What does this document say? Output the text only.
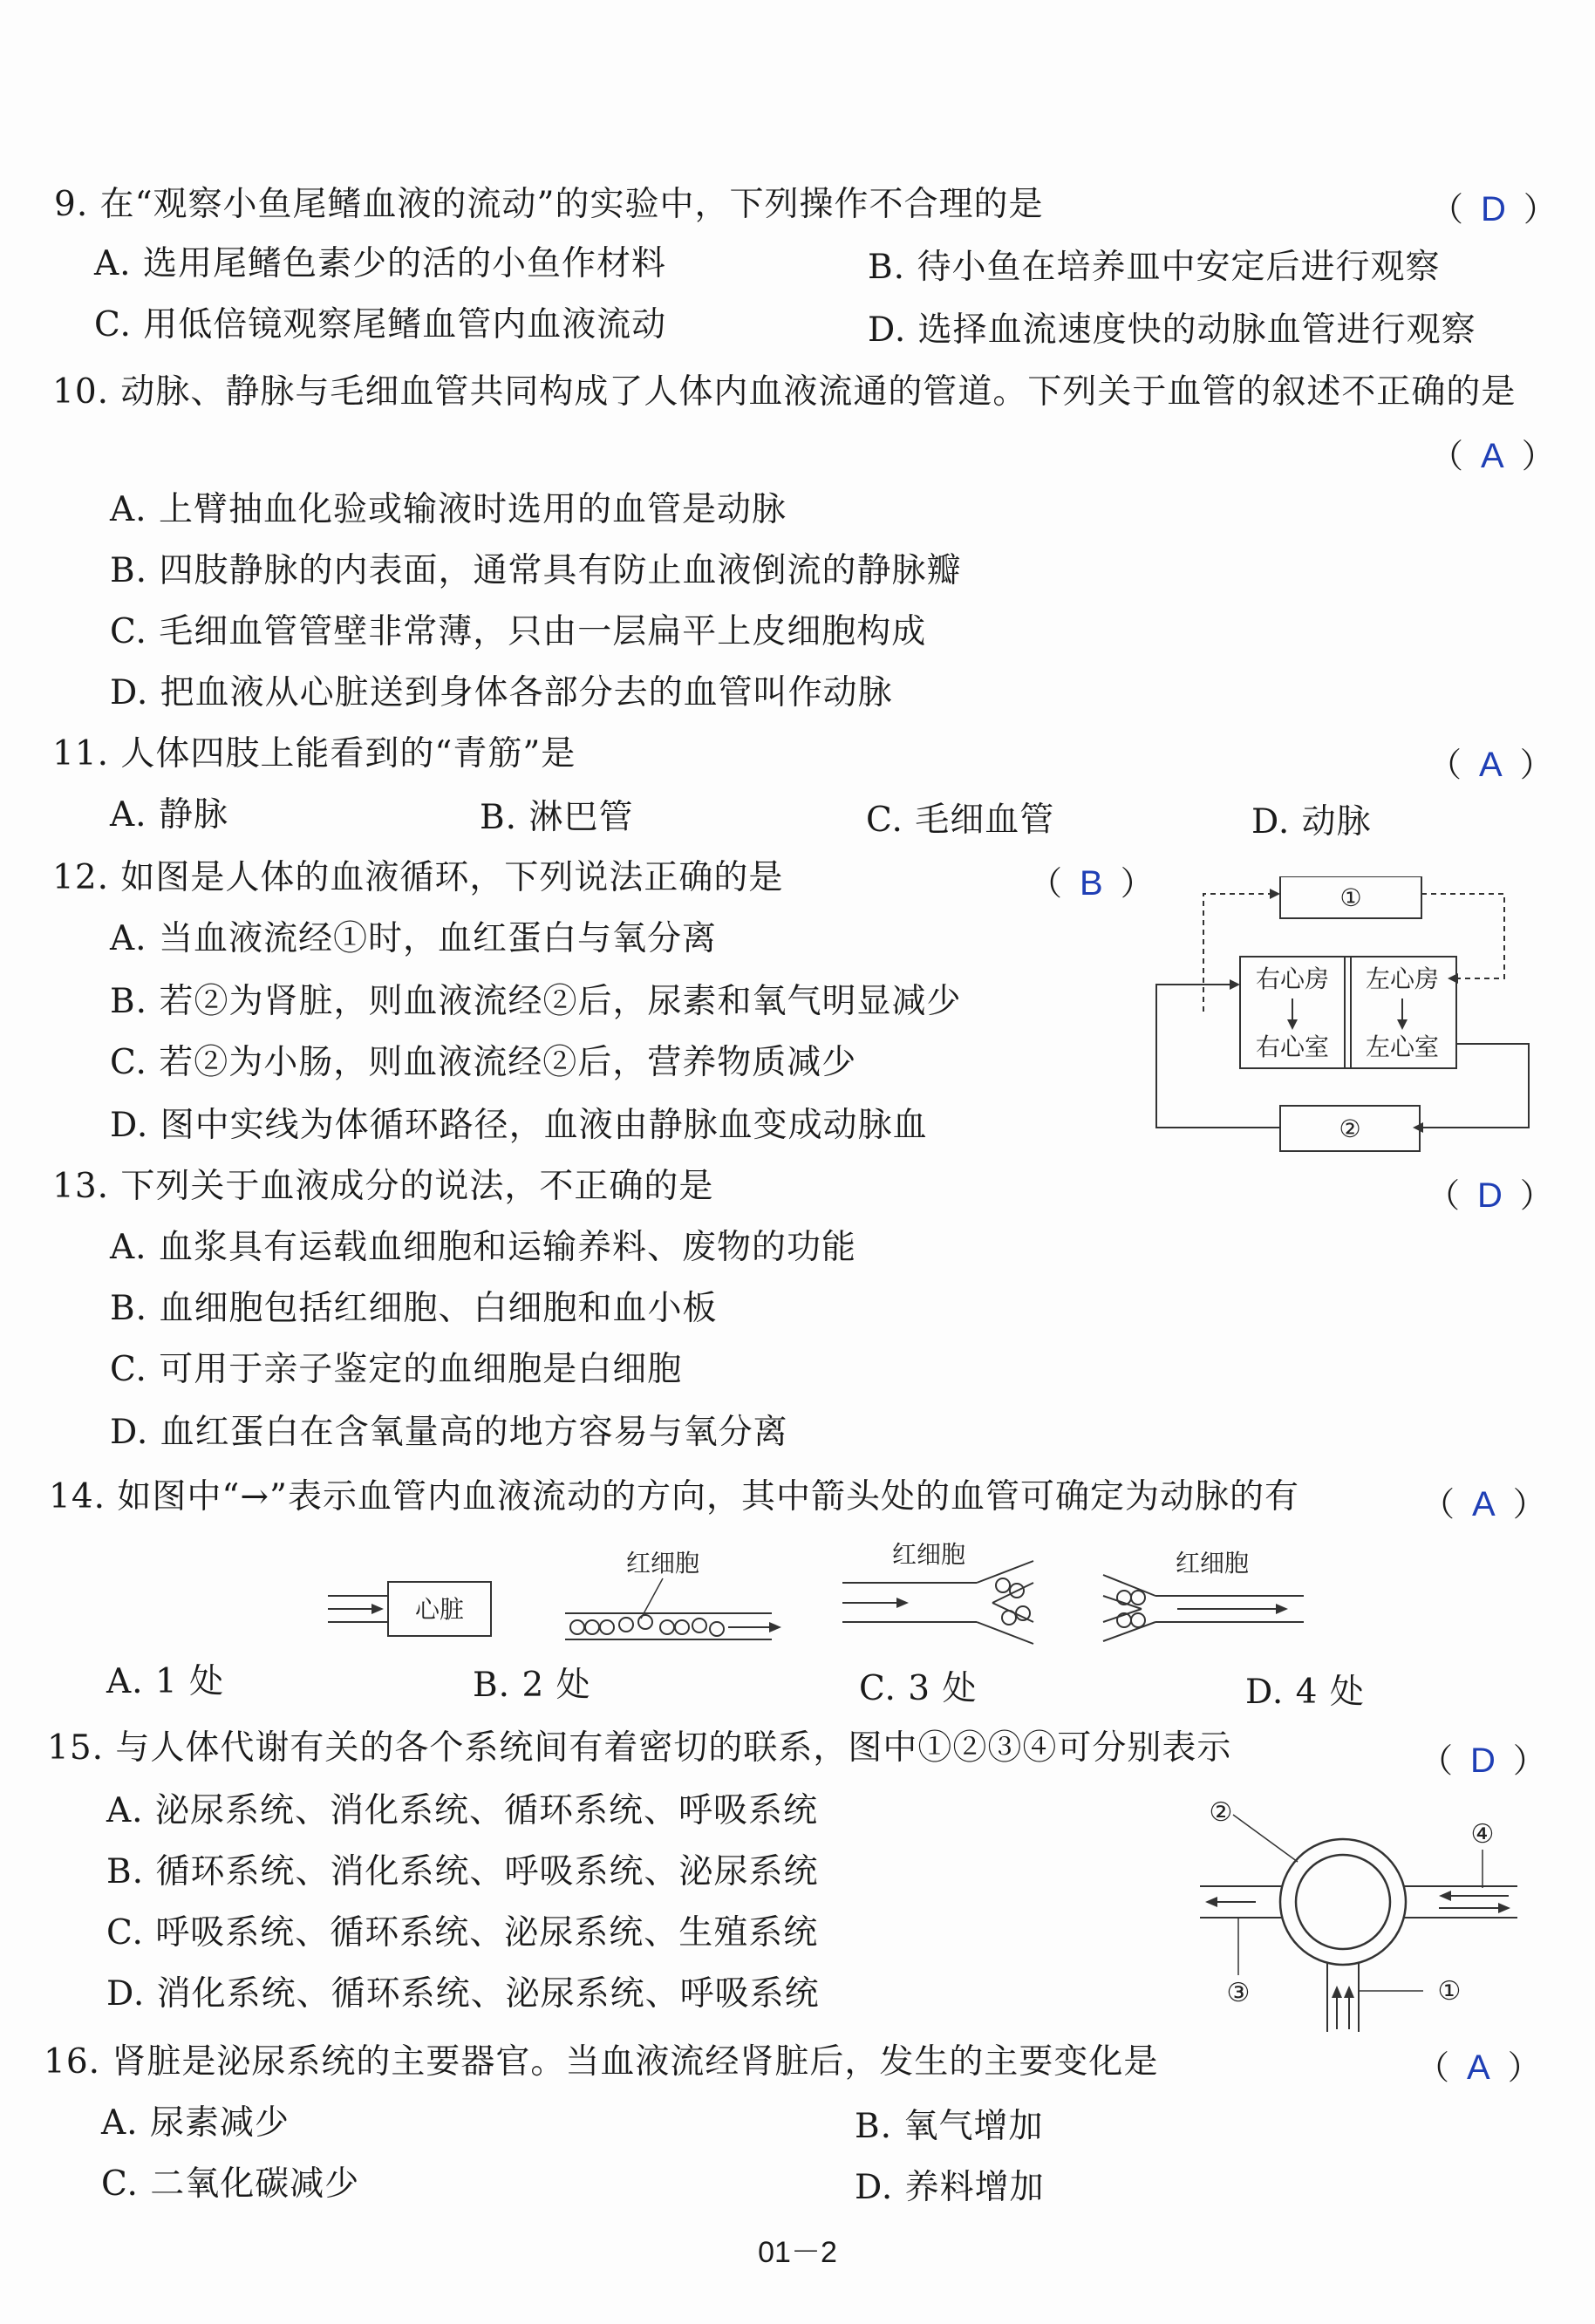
9. 在“观察小鱼尾鳍血液的流动”的实验中，下列操作不合理的是	（ D ）
A. 选用尾鳍色素少的活的小鱼作材料	B. 待小鱼在培养皿中安定后进行观察
C. 用低倍镜观察尾鳍血管内血液流动	D. 选择血流速度快的动脉血管进行观察
10. 动脉、静脉与毛细血管共同构成了人体内血液流通的管道。下列关于血管的叙述不正确的是
（ A ）
A. 上臂抽血化验或输液时选用的血管是动脉
B. 四肢静脉的内表面，通常具有防止血液倒流的静脉瓣
C. 毛细血管管壁非常薄，只由一层扁平上皮细胞构成
D. 把血液从心脏送到身体各部分去的血管叫作动脉
11. 人体四肢上能看到的“青筋”是	（ A ）
A. 静脉	B. 淋巴管	C. 毛细血管	D. 动脉
12. 如图是人体的血液循环，下列说法正确的是	（ B ）
A. 当血液流经①时，血红蛋白与氧分离
B. 若②为肾脏，则血液流经②后，尿素和氧气明显减少
C. 若②为小肠，则血液流经②后，营养物质减少
D. 图中实线为体循环路径，血液由静脉血变成动脉血
①
右心房 左心房
右心室 左心室
②
13. 下列关于血液成分的说法，不正确的是	（ D ）
A. 血浆具有运载血细胞和运输养料、废物的功能
B. 血细胞包括红细胞、白细胞和血小板
C. 可用于亲子鉴定的血细胞是白细胞
D. 血红蛋白在含氧量高的地方容易与氧分离
14. 如图中“→”表示血管内血液流动的方向，其中箭头处的血管可确定为动脉的有	（ A ）
心脏
红细胞	红细胞	红细胞
A. 1 处	B. 2 处	C. 3 处	D. 4 处
15. 与人体代谢有关的各个系统间有着密切的联系，图中①②③④可分别表示	（ D ）
A. 泌尿系统、消化系统、循环系统、呼吸系统
B. 循环系统、消化系统、呼吸系统、泌尿系统
C. 呼吸系统、循环系统、泌尿系统、生殖系统
D. 消化系统、循环系统、泌尿系统、呼吸系统
②
④
③	①
16. 肾脏是泌尿系统的主要器官。当血液流经肾脏后，发生的主要变化是	（ A ）
A. 尿素减少	B. 氧气增加
C. 二氧化碳减少	D. 养料增加
01－2
